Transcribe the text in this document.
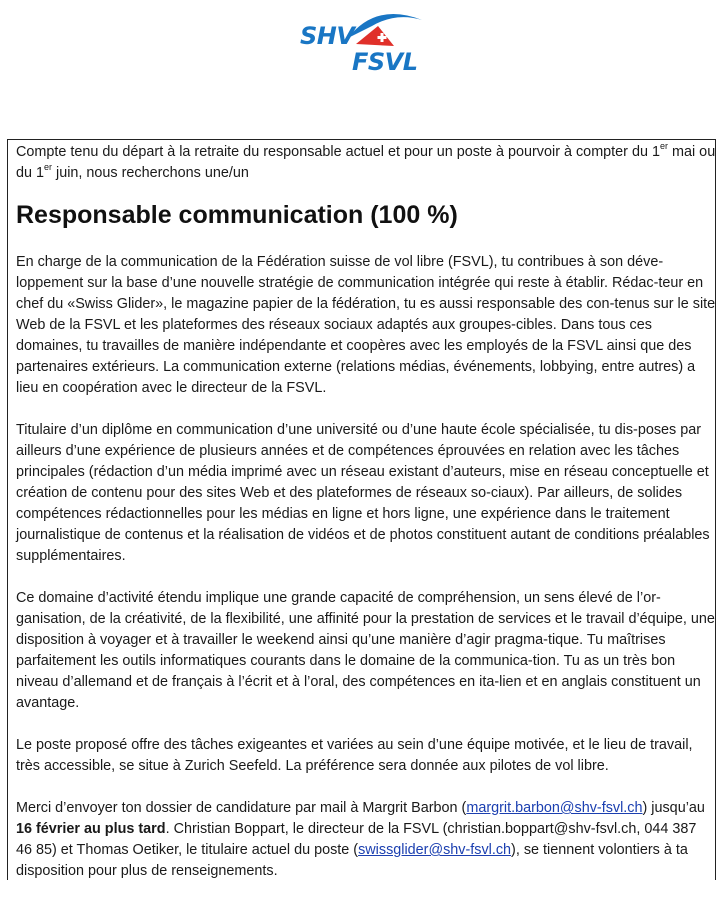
SHV
FSVL

Compte tenu du départ à la retraite du responsable actuel et pour un poste à pourvoir à compter du 1er mai ou du 1er juin, nous recherchons une/un

Responsable communication (100 %)

En charge de la communication de la Fédération suisse de vol libre (FSVL), tu contribues à son déve-loppement sur la base d’une nouvelle stratégie de communication intégrée qui reste à établir. Rédac-teur en chef du «Swiss Glider», le magazine papier de la fédération, tu es aussi responsable des con-tenus sur le site Web de la FSVL et les plateformes des réseaux sociaux adaptés aux groupes-cibles. Dans tous ces domaines, tu travailles de manière indépendante et coopères avec les employés de la FSVL ainsi que des partenaires extérieurs. La communication externe (relations médias, événements, lobbying, entre autres) a lieu en coopération avec le directeur de la FSVL.

Titulaire d’un diplôme en communication d’une université ou d’une haute école spécialisée, tu dis-poses par ailleurs d’une expérience de plusieurs années et de compétences éprouvées en relation avec les tâches principales (rédaction d’un média imprimé avec un réseau existant d’auteurs, mise en réseau conceptuelle et création de contenu pour des sites Web et des plateformes de réseaux so-ciaux). Par ailleurs, de solides compétences rédactionnelles pour les médias en ligne et hors ligne, une expérience dans le traitement journalistique de contenus et la réalisation de vidéos et de photos constituent autant de conditions préalables supplémentaires.

Ce domaine d’activité étendu implique une grande capacité de compréhension, un sens élevé de l’or-ganisation, de la créativité, de la flexibilité, une affinité pour la prestation de services et le travail d’équipe, une disposition à voyager et à travailler le weekend ainsi qu’une manière d’agir pragma-tique. Tu maîtrises parfaitement les outils informatiques courants dans le domaine de la communica-tion. Tu as un très bon niveau d’allemand et de français à l’écrit et à l’oral, des compétences en ita-lien et en anglais constituent un avantage.

Le poste proposé offre des tâches exigeantes et variées au sein d’une équipe motivée, et le lieu de travail, très accessible, se situe à Zurich Seefeld. La préférence sera donnée aux pilotes de vol libre.

Merci d’envoyer ton dossier de candidature par mail à Margrit Barbon (margrit.barbon@shv-fsvl.ch) jusqu’au 16 février au plus tard. Christian Boppart, le directeur de la FSVL (christian.boppart@shv-fsvl.ch, 044 387 46 85) et Thomas Oetiker, le titulaire actuel du poste (swissglider@shv-fsvl.ch), se tiennent volontiers à ta disposition pour plus de renseignements.
